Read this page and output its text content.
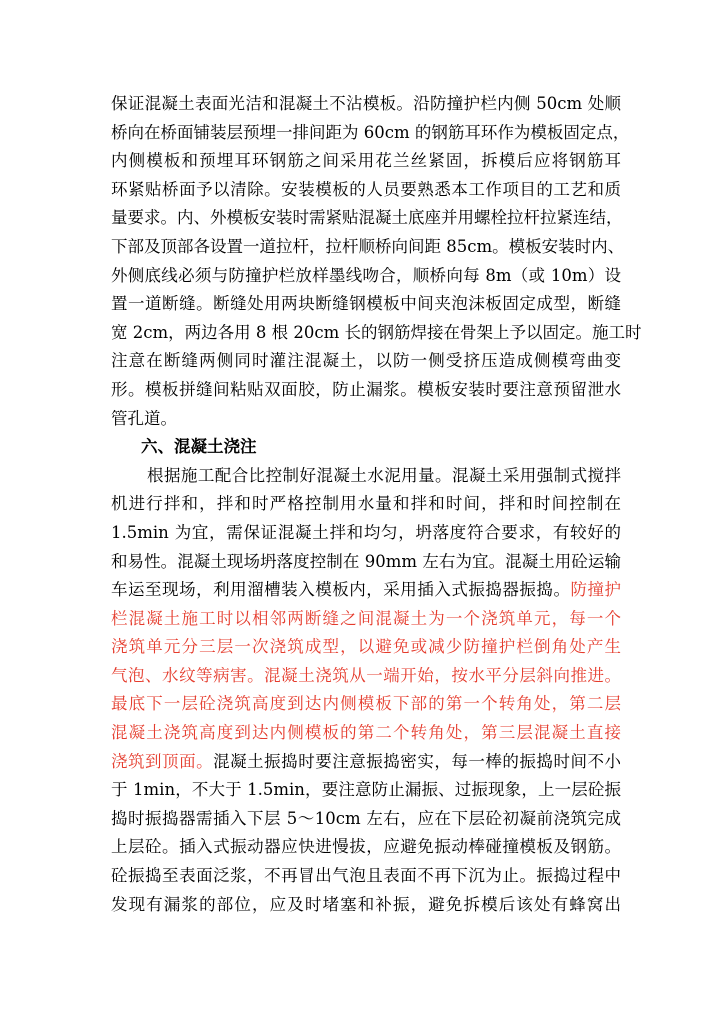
保证混凝土表面光洁和混凝土不沾模板。沿防撞护栏内侧 50cm 处顺
桥向在桥面铺装层预埋一排间距为 60cm 的钢筋耳环作为模板固定点，
内侧模板和预埋耳环钢筋之间采用花兰丝紧固，拆模后应将钢筋耳
环紧贴桥面予以清除。安装模板的人员要熟悉本工作项目的工艺和质
量要求。内、外模板安装时需紧贴混凝土底座并用螺栓拉杆拉紧连结，
下部及顶部各设置一道拉杆，拉杆顺桥向间距 85cm。模板安装时内、
外侧底线必须与防撞护栏放样墨线吻合，顺桥向每 8m（或 10m）设
置一道断缝。断缝处用两块断缝钢模板中间夹泡沫板固定成型，断缝
宽 2cm，两边各用 8 根 20cm 长的钢筋焊接在骨架上予以固定。施工时
注意在断缝两侧同时灌注混凝土，以防一侧受挤压造成侧模弯曲变
形。模板拼缝间粘贴双面胶，防止漏浆。模板安装时要注意预留泄水
管孔道。
六、混凝土浇注
根据施工配合比控制好混凝土水泥用量。混凝土采用强制式搅拌
机进行拌和，拌和时严格控制用水量和拌和时间，拌和时间控制在
1.5min 为宜，需保证混凝土拌和均匀，坍落度符合要求，有较好的
和易性。混凝土现场坍落度控制在 90mm 左右为宜。混凝土用砼运输
车运至现场，利用溜槽装入模板内，采用插入式振捣器振捣。防撞护
栏混凝土施工时以相邻两断缝之间混凝土为一个浇筑单元，每一个
浇筑单元分三层一次浇筑成型，以避免或减少防撞护栏倒角处产生
气泡、水纹等病害。混凝土浇筑从一端开始，按水平分层斜向推进。
最底下一层砼浇筑高度到达内侧模板下部的第一个转角处，第二层
混凝土浇筑高度到达内侧模板的第二个转角处，第三层混凝土直接
浇筑到顶面。混凝土振捣时要注意振捣密实，每一棒的振捣时间不小
于 1min，不大于 1.5min，要注意防止漏振、过振现象，上一层砼振
捣时振捣器需插入下层 5～10cm 左右，应在下层砼初凝前浇筑完成
上层砼。插入式振动器应快进慢拔，应避免振动棒碰撞模板及钢筋。
砼振捣至表面泛浆，不再冒出气泡且表面不再下沉为止。振捣过程中
发现有漏浆的部位，应及时堵塞和补振，避免拆模后该处有蜂窝出
